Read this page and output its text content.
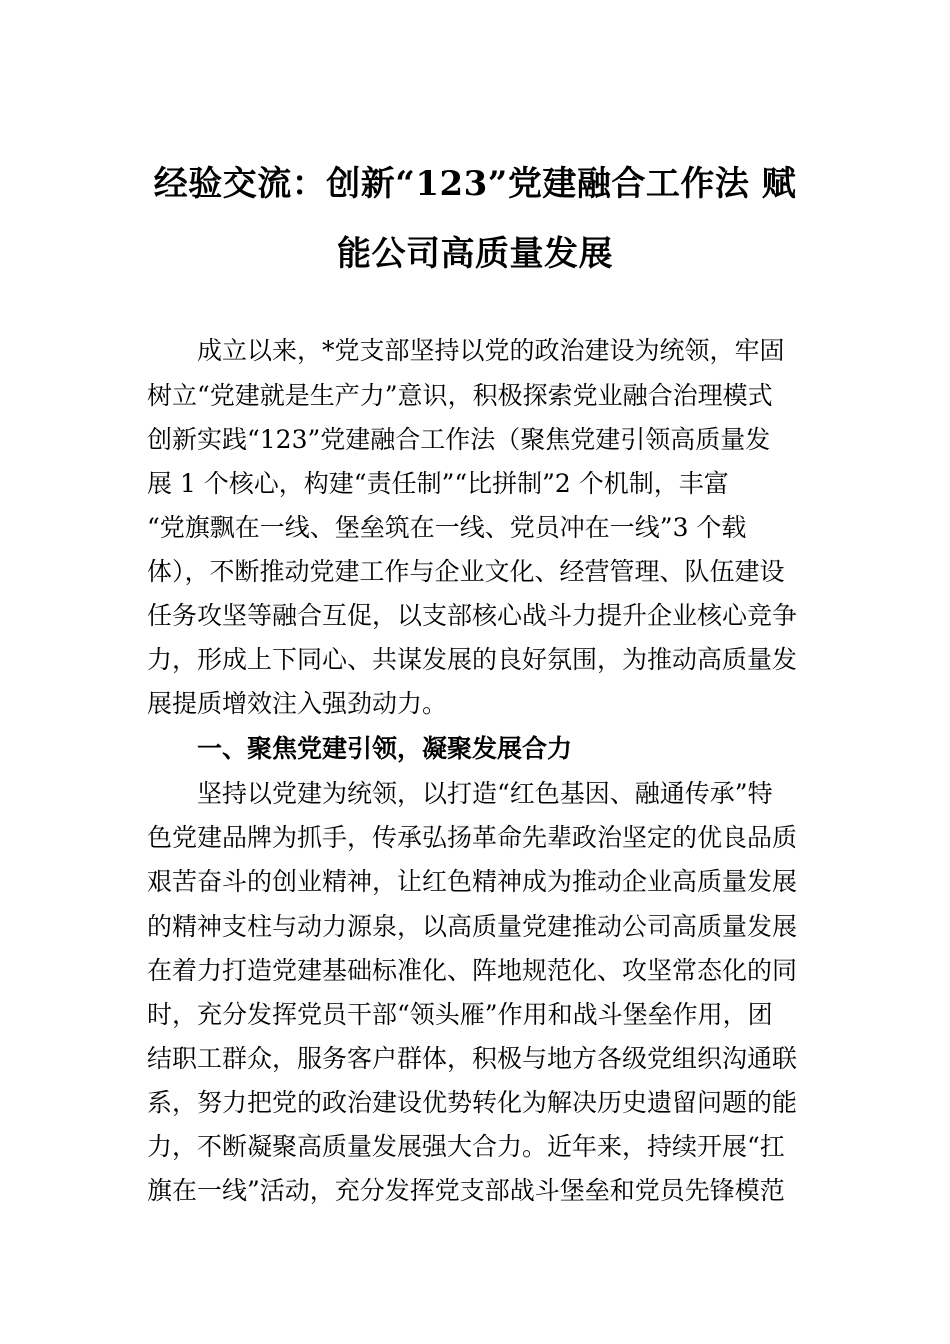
经验交流：创新“123”党建融合工作法 赋
能公司高质量发展
成立以来，*党支部坚持以党的政治建设为统领，牢固
树立“党建就是生产力”意识，积极探索党业融合治理模式
创新实践“123”党建融合工作法（聚焦党建引领高质量发
展 1 个核心，构建“责任制”“比拼制”2 个机制，丰富
“党旗飘在一线、堡垒筑在一线、党员冲在一线”3 个载
体），不断推动党建工作与企业文化、经营管理、队伍建设
任务攻坚等融合互促，以支部核心战斗力提升企业核心竞争
力，形成上下同心、共谋发展的良好氛围，为推动高质量发
展提质增效注入强劲动力。
一、聚焦党建引领，凝聚发展合力
坚持以党建为统领，以打造“红色基因、融通传承”特
色党建品牌为抓手，传承弘扬革命先辈政治坚定的优良品质
艰苦奋斗的创业精神，让红色精神成为推动企业高质量发展
的精神支柱与动力源泉，以高质量党建推动公司高质量发展
在着力打造党建基础标准化、阵地规范化、攻坚常态化的同
时，充分发挥党员干部“领头雁”作用和战斗堡垒作用，团
结职工群众，服务客户群体，积极与地方各级党组织沟通联
系，努力把党的政治建设优势转化为解决历史遗留问题的能
力，不断凝聚高质量发展强大合力。近年来，持续开展“扛
旗在一线”活动，充分发挥党支部战斗堡垒和党员先锋模范
